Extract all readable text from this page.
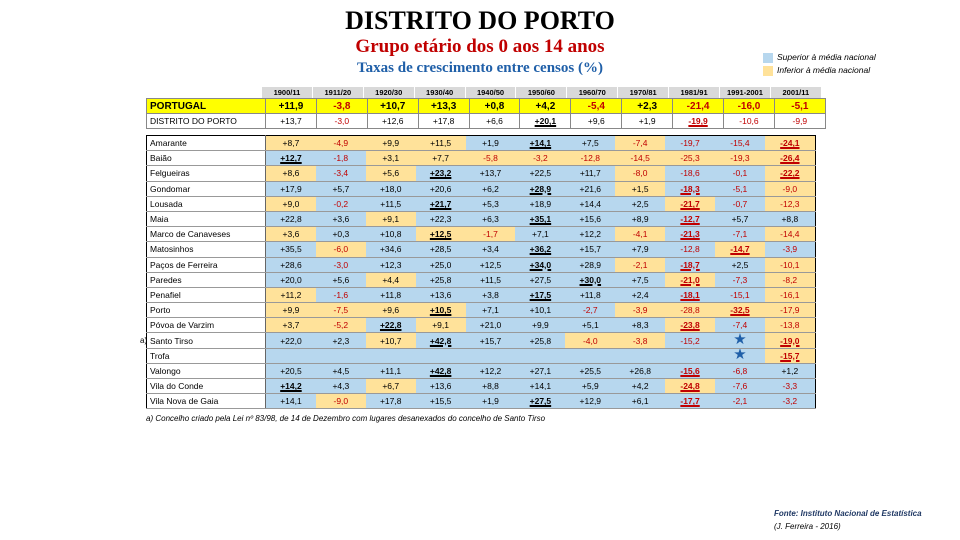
DISTRITO DO PORTO
Grupo etário dos 0 aos 14 anos
Taxas de crescimento entre censos (%)
Superior à média nacional
Inferior à média nacional
1900/11	1911/20	1920/30	1930/40	1940/50	1950/60	1960/70	1970/81	1981/91	1991-2001	2001/11
PORTUGAL	+11,9	-3,8	+10,7	+13,3	+0,8	+4,2	-5,4	+2,3	-21,4	-16,0	-5,1
DISTRITO DO PORTO	+13,7	-3,0	+12,6	+17,8	+6,6	+20,1	+9,6	+1,9	-19,9	-10,6	-9,9
Amarante	+8,7	-4,9	+9,9	+11,5	+1,9	+14,1	+7,5	-7,4	-19,7	-15,4	-24,1
Baião	+12,7	-1,8	+3,1	+7,7	-5,8	-3,2	-12,8	-14,5	-25,3	-19,3	-26,4
Felgueiras	+8,6	-3,4	+5,6	+23,2	+13,7	+22,5	+11,7	-8,0	-18,6	-0,1	-22,2
Gondomar	+17,9	+5,7	+18,0	+20,6	+6,2	+28,9	+21,6	+1,5	-18,3	-5,1	-9,0
Lousada	+9,0	-0,2	+11,5	+21,7	+5,3	+18,9	+14,4	+2,5	-21,7	-0,7	-12,3
Maia	+22,8	+3,6	+9,1	+22,3	+6,3	+35,1	+15,6	+8,9	-12,7	+5,7	+8,8
Marco de Canaveses	+3,6	+0,3	+10,8	+12,5	-1,7	+7,1	+12,2	-4,1	-21,3	-7,1	-14,4
Matosinhos	+35,5	-6,0	+34,6	+28,5	+3,4	+36,2	+15,7	+7,9	-12,8	-14,7	-3,9
Paços de Ferreira	+28,6	-3,0	+12,3	+25,0	+12,5	+34,0	+28,9	-2,1	-18,7	+2,5	-10,1
Paredes	+20,0	+5,6	+4,4	+25,8	+11,5	+27,5	+30,0	+7,5	-21,0	-7,3	-8,2
Penafiel	+11,2	-1,6	+11,8	+13,6	+3,8	+17,5	+11,8	+2,4	-18,1	-15,1	-16,1
Porto	+9,9	-7,5	+9,6	+10,5	+7,1	+10,1	-2,7	-3,9	-28,8	-32,5	-17,9
Póvoa de Varzim	+3,7	-5,2	+22,8	+9,1	+21,0	+9,9	+5,1	+8,3	-23,8	-7,4	-13,8
Santo Tirso	+22,0	+2,3	+10,7	+42,8	+15,7	+25,8	-4,0	-3,8	-15,2	★	-19,0
Trofa										★	-15,7
Valongo	+20,5	+4,5	+11,1	+42,8	+12,2	+27,1	+25,5	+26,8	-15,6	-6,8	+1,2
Vila do Conde	+14,2	+4,3	+6,7	+13,6	+8,8	+14,1	+5,9	+4,2	-24,8	-7,6	-3,3
Vila Nova de Gaia	+14,1	-9,0	+17,8	+15,5	+1,9	+27,5	+12,9	+6,1	-17,7	-2,1	-3,2
a)
a) Concelho criado pela Lei nº 83/98, de 14 de Dezembro com lugares desanexados do concelho de Santo Tirso
Fonte: Instituto Nacional de Estatística
(J. Ferreira - 2016)
